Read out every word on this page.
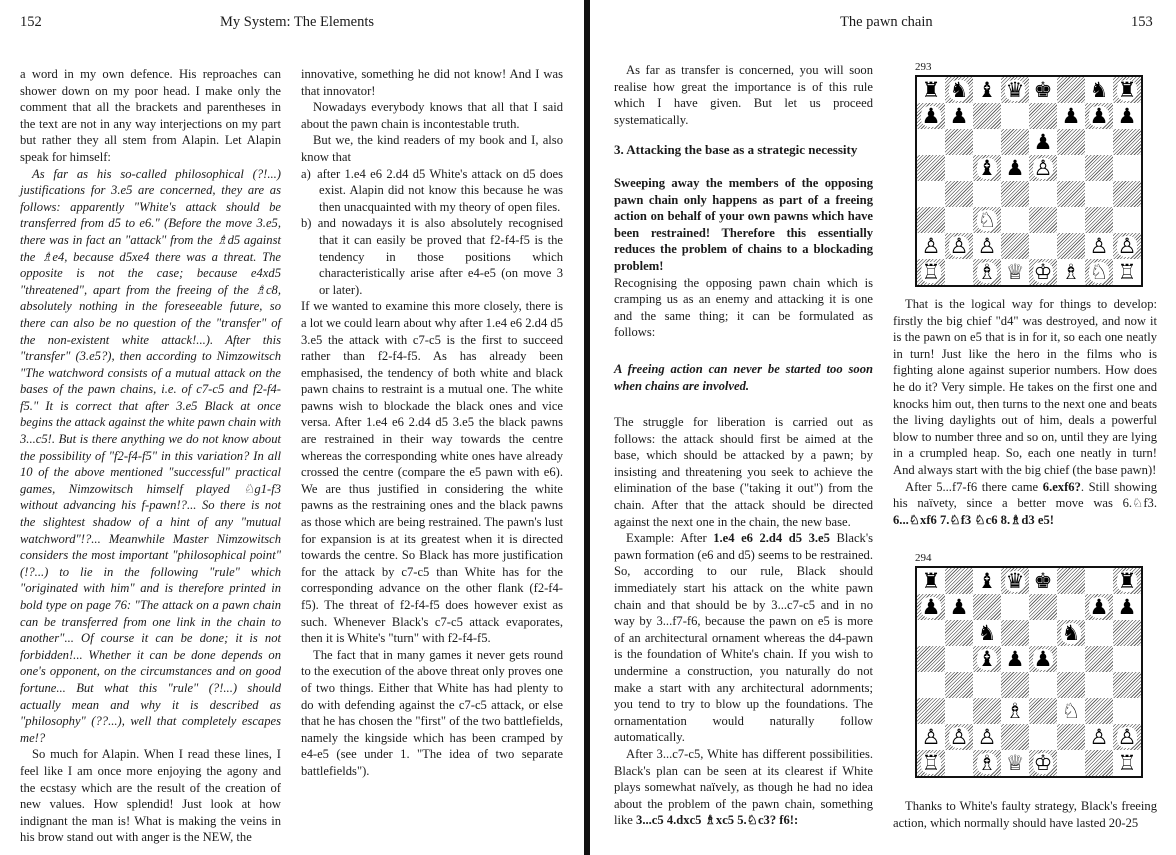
152	My System: The Elements

a word in my own defence. His reproaches can shower down on my poor head. I make only the comment that all the brackets and parentheses in the text are not in any way interjections on my part but rather they all stem from Alapin. Let Alapin speak for himself:

As far as his so-called philosophical (?!...) justifications for 3.e5 are concerned, they are as follows: apparently "White's attack should be transferred from d5 to e6." (Before the move 3.e5, there was in fact an "attack" from the ♗d5 against the ♗e4, because d5xe4 there was a threat. The opposite is not the case; because e4xd5 "threatened", apart from the freeing of the ♗c8, absolutely nothing in the foreseeable future, so there can also be no question of the "transfer" of the non-existent white attack!...). After this "transfer" (3.e5?), then according to Nimzowitsch "The watchword consists of a mutual attack on the bases of the pawn chains, i.e. of c7-c5 and f2-f4-f5." It is correct that after 3.e5 Black at once begins the attack against the white pawn chain with 3...c5!. But is there anything we do not know about the possibility of "f2-f4-f5" in this variation? In all 10 of the above mentioned "successful" practical games, Nimzowitsch himself played ♘g1-f3 without advancing his f-pawn!?... So there is not the slightest shadow of a hint of any "mutual watchword"!?... Meanwhile Master Nimzowitsch considers the most important "philosophical point" (!?...) to lie in the following "rule" which "originated with him" and is therefore printed in bold type on page 76: "The attack on a pawn chain can be transferred from one link in the chain to another"... Of course it can be done; it is not forbidden!... Whether it can be done depends on one's opponent, on the circumstances and on good fortune... But what this "rule" (?!...) should actually mean and why it is described as "philosophy" (??...), well that completely escapes me!?

So much for Alapin. When I read these lines, I feel like I am once more enjoying the agony and the ecstasy which are the result of the creation of new values. How splendid! Just look at how indignant the man is! What is making the veins in his brow stand out with anger is the NEW, the

innovative, something he did not know! And I was that innovator!

Nowadays everybody knows that all that I said about the pawn chain is incontestable truth.

But we, the kind readers of my book and I, also know that

a) after 1.e4 e6 2.d4 d5 White's attack on d5 does exist. Alapin did not know this because he was then unacquainted with my theory of open files.

b) and nowadays it is also absolutely recognised that it can easily be proved that f2-f4-f5 is the tendency in those positions which characteristically arise after e4-e5 (on move 3 or later).

If we wanted to examine this more closely, there is a lot we could learn about why after 1.e4 e6 2.d4 d5 3.e5 the attack with c7-c5 is the first to succeed rather than f2-f4-f5. As has already been emphasised, the tendency of both white and black pawn chains to restraint is a mutual one. The white pawns wish to blockade the black ones and vice versa. After 1.e4 e6 2.d4 d5 3.e5 the black pawns are restrained in their way towards the centre whereas the corresponding white ones have already crossed the centre (compare the e5 pawn with e6). We are thus justified in considering the white pawns as the restraining ones and the black pawns as those which are being restrained. The pawn's lust for expansion is at its greatest when it is directed towards the centre. So Black has more justification for the attack by c7-c5 than White has for the corresponding advance on the other flank (f2-f4-f5). The threat of f2-f4-f5 does however exist as such. Whenever Black's c7-c5 attack evaporates, then it is White's "turn" with f2-f4-f5.

The fact that in many games it never gets round to the execution of the above threat only proves one of two things. Either that White has had plenty to do with defending against the c7-c5 attack, or else that he has chosen the "first" of the two battlefields, namely the kingside which has been cramped by e4-e5 (see under 1. "The idea of two separate battlefields").

The pawn chain	153

As far as transfer is concerned, you will soon realise how great the importance is of this rule which I have given. But let us proceed systematically.

3. Attacking the base as a strategic necessity
Sweeping away the members of the opposing pawn chain only happens as part of a freeing action on behalf of your own pawns which have been restrained! Therefore this essentially reduces the problem of chains to a blockading problem!

Recognising the opposing pawn chain which is cramping us as an enemy and attacking it is one and the same thing; it can be formulated as follows:

A freeing action can never be started too soon when chains are involved.

The struggle for liberation is carried out as follows: the attack should first be aimed at the base, which should be attacked by a pawn; by insisting and threatening you seek to achieve the elimination of the base ("taking it out") from the chain. After that the attack should be directed against the next one in the chain, the new base.

Example: After 1.e4 e6 2.d4 d5 3.e5 Black's pawn formation (e6 and d5) seems to be restrained. So, according to our rule, Black should immediately start his attack on the white pawn chain and that should be by 3...c7-c5 and in no way by 3...f7-f6, because the pawn on e5 is more of an architectural ornament whereas the d4-pawn is the foundation of White's chain. If you wish to undermine a construction, you naturally do not make a start with any architectural adornments; you tend to try to blow up the foundations. The ornamentation would naturally follow automatically.

After 3...c7-c5, White has different possibilities. Black's plan can be seen at its clearest if White plays somewhat naïvely, as though he had no idea about the problem of the pawn chain, something like 3...c5 4.dxc5 ♗xc5 5.♘c3? f6!:

293
♜ ♞ ♝ ♛ ♚ ♞ ♜
♟ ♟	♟ ♟ ♟
♟
♝ ♟ ♙
♘
♙ ♙ ♙	♙ ♙
♖ ♗ ♕ ♔ ♗ ♘ ♖

That is the logical way for things to develop: firstly the big chief "d4" was destroyed, and now it is the pawn on e5 that is in for it, so each one neatly in turn! Just like the hero in the films who is fighting alone against superior numbers. How does he do it? Very simple. He takes on the first one and knocks him out, then turns to the next one and beats the living daylights out of him, deals a powerful blow to number three and so on, until they are lying in a crumpled heap. So, each one neatly in turn! And always start with the big chief (the base pawn)!

After 5...f7-f6 there came 6.exf6?. Still showing his naïvety, since a better move was 6.♘f3. 6...♘xf6 7.♘f3 ♘c6 8.♗d3 e5!

294
♜ ♝ ♛ ♚	♜
♟ ♟	♟ ♟
♞	♞
♝ ♟ ♟
♗ ♘
♙ ♙ ♙	♙ ♙
♖ ♗ ♕ ♔	♖

Thanks to White's faulty strategy, Black's freeing action, which normally should have lasted 20-25
